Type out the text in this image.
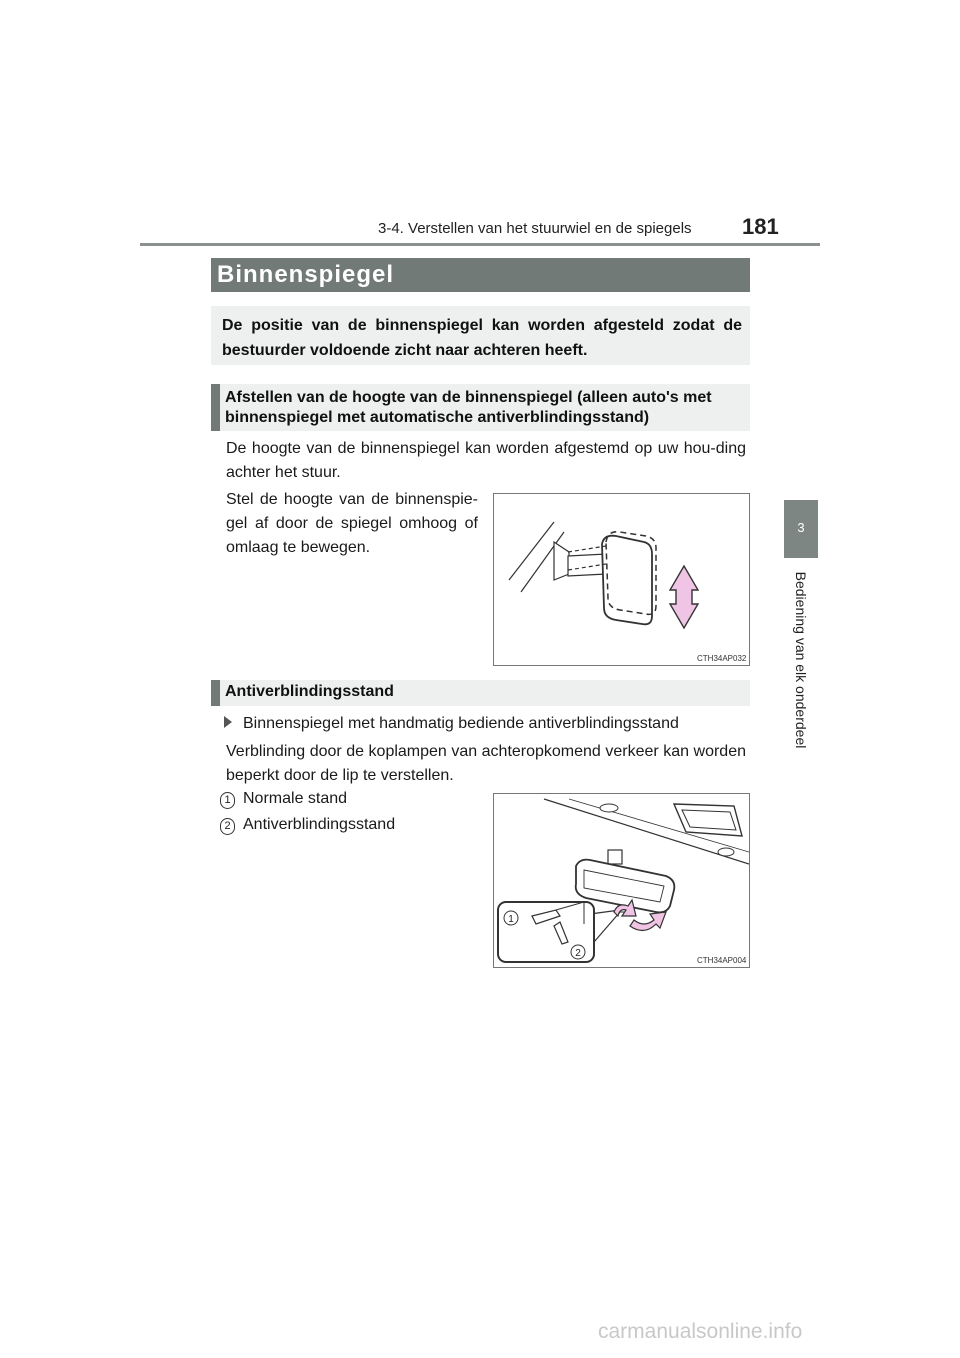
3-4. Verstellen van het stuurwiel en de spiegels 181
3
Bediening van elk onderdeel
Binnenspiegel
De positie van de binnenspiegel kan worden afgesteld zodat de bestuurder voldoende zicht naar achteren heeft.
Afstellen van de hoogte van de binnenspiegel (alleen auto's met binnenspiegel met automatische antiverblindingsstand)
De hoogte van de binnenspiegel kan worden afgestemd op uw hou-ding achter het stuur.
Stel de hoogte van de binnenspie-gel af door de spiegel omhoog of omlaag te bewegen.
CTH34AP032
Antiverblindingsstand
Binnenspiegel met handmatig bediende antiverblindingsstand
Verblinding door de koplampen van achteropkomend verkeer kan worden beperkt door de lip te verstellen.
1 Normale stand
2 Antiverblindingsstand
1
2
CTH34AP004
carmanualsonline.info
